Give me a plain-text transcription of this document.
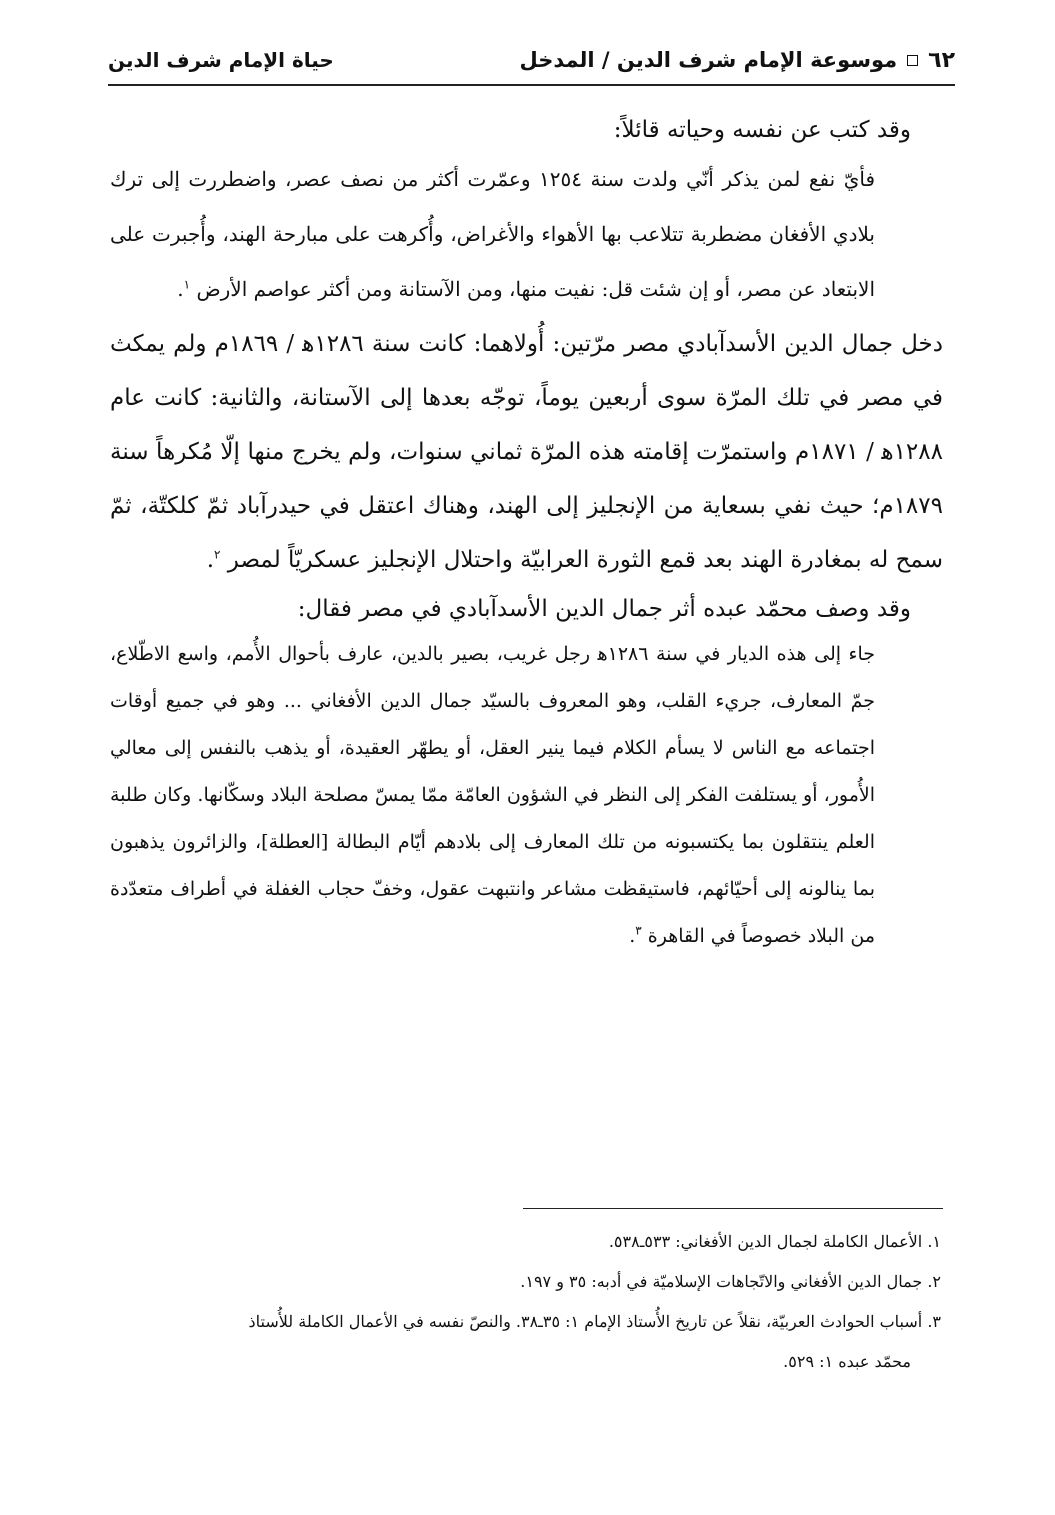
٦٢
موسوعة الإمام شرف الدين / المدخل
حياة الإمام شرف الدين

وقد كتب عن نفسه وحياته قائلاً:

فأيّ نفع لمن يذكر أنّي ولدت سنة ١٢٥٤ وعمّرت أكثر من نصف عصر، واضطررت إلى ترك بلادي الأفغان مضطربة تتلاعب بها الأهواء والأغراض، وأُكرهت على مبارحة الهند، وأُجبرت على الابتعاد عن مصر، أو إن شئت قل: نفيت منها، ومن الآستانة ومن أكثر عواصم الأرض $^١$.

دخل جمال الدين الأسدآبادي مصر مرّتين: أُولاهما: كانت سنة ١٢٨٦ﻫ / ١٨٦٩م ولم يمكث في مصر في تلك المرّة سوى أربعين يوماً، توجّه بعدها إلى الآستانة، والثانية: كانت عام ١٢٨٨ﻫ / ١٨٧١م واستمرّت إقامته هذه المرّة ثماني سنوات، ولم يخرج منها إلّا مُكرهاً سنة ١٨٧٩م؛ حيث نفي بسعاية من الإنجليز إلى الهند، وهناك اعتقل في حيدرآباد ثمّ كلكتّة، ثمّ سمح له بمغادرة الهند بعد قمع الثورة العرابيّة واحتلال الإنجليز عسكريّاً لمصر $^٢$.

وقد وصف محمّد عبده أثر جمال الدين الأسدآبادي في مصر فقال:

جاء إلى هذه الديار في سنة ١٢٨٦ﻫ رجل غريب، بصير بالدين، عارف بأحوال الأُمم، واسع الاطّلاع، جمّ المعارف، جريء القلب، وهو المعروف بالسيّد جمال الدين الأفغاني ... وهو في جميع أوقات اجتماعه مع الناس لا يسأم الكلام فيما ينير العقل، أو يطهّر العقيدة، أو يذهب بالنفس إلى معالي الأُمور، أو يستلفت الفكر إلى النظر في الشؤون العامّة ممّا يمسّ مصلحة البلاد وسكّانها. وكان طلبة العلم ينتقلون بما يكتسبونه من تلك المعارف إلى بلادهم أيّام البطالة [العطلة]، والزائرون يذهبون بما ينالونه إلى أحيّائهم، فاستيقظت مشاعر وانتبهت عقول، وخفّ حجاب الغفلة في أطراف متعدّدة من البلاد خصوصاً في القاهرة $^٣$.

١. الأعمال الكاملة لجمال الدين الأفغاني: ٥٣٣ـ٥٣٨.

٢. جمال الدين الأفغاني والاتّجاهات الإسلاميّة في أدبه: ٣٥ و ١٩٧.

٣. أسباب الحوادث العربيّة، نقلاً عن تاريخ الأُستاذ الإمام ١: ٣٥ـ٣٨. والنصّ نفسه في الأعمال الكاملة للأُستاذ

محمّد عبده ١: ٥٢٩.
